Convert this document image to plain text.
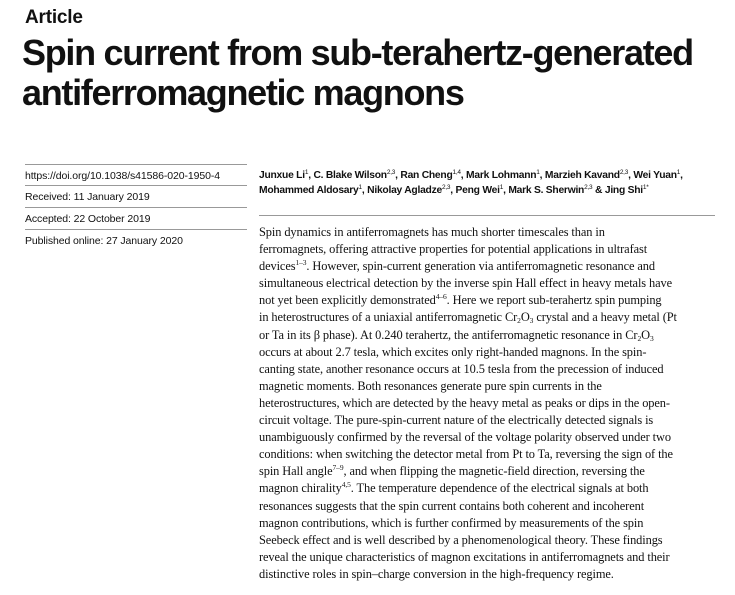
Article
Spin current from sub-terahertz-generated
antiferromagnetic magnons
https://doi.org/10.1038/s41586-020-1950-4
Received: 11 January 2019
Accepted: 22 October 2019
Published online: 27 January 2020
Junxue Li$^1$, C. Blake Wilson$^{2,3}$, Ran Cheng$^{1,4}$, Mark Lohmann$^1$, Marzieh Kavand$^{2,3}$, Wei Yuan$^1$,
Mohammed Aldosary$^1$, Nikolay Agladze$^{2,3}$, Peng Wei$^1$, Mark S. Sherwin$^{2,3}$ & Jing Shi$^{1*}$
Spin dynamics in antiferromagnets has much shorter timescales than in
ferromagnets, offering attractive properties for potential applications in ultrafast
devices$^{1-3}$. However, spin-current generation via antiferromagnetic resonance and
simultaneous electrical detection by the inverse spin Hall effect in heavy metals have
not yet been explicitly demonstrated$^{4-6}$. Here we report sub-terahertz spin pumping
in heterostructures of a uniaxial antiferromagnetic $Cr_2O_3$ crystal and a heavy metal (Pt
or Ta in its β phase). At 0.240 terahertz, the antiferromagnetic resonance in $Cr_2O_3$
occurs at about 2.7 tesla, which excites only right-handed magnons. In the spin-
canting state, another resonance occurs at 10.5 tesla from the precession of induced
magnetic moments. Both resonances generate pure spin currents in the
heterostructures, which are detected by the heavy metal as peaks or dips in the open-
circuit voltage. The pure-spin-current nature of the electrically detected signals is
unambiguously confirmed by the reversal of the voltage polarity observed under two
conditions: when switching the detector metal from Pt to Ta, reversing the sign of the
spin Hall angle$^{7-9}$, and when flipping the magnetic-field direction, reversing the
magnon chirality$^{4,5}$. The temperature dependence of the electrical signals at both
resonances suggests that the spin current contains both coherent and incoherent
magnon contributions, which is further confirmed by measurements of the spin
Seebeck effect and is well described by a phenomenological theory. These findings
reveal the unique characteristics of magnon excitations in antiferromagnets and their
distinctive roles in spin–charge conversion in the high-frequency regime.
